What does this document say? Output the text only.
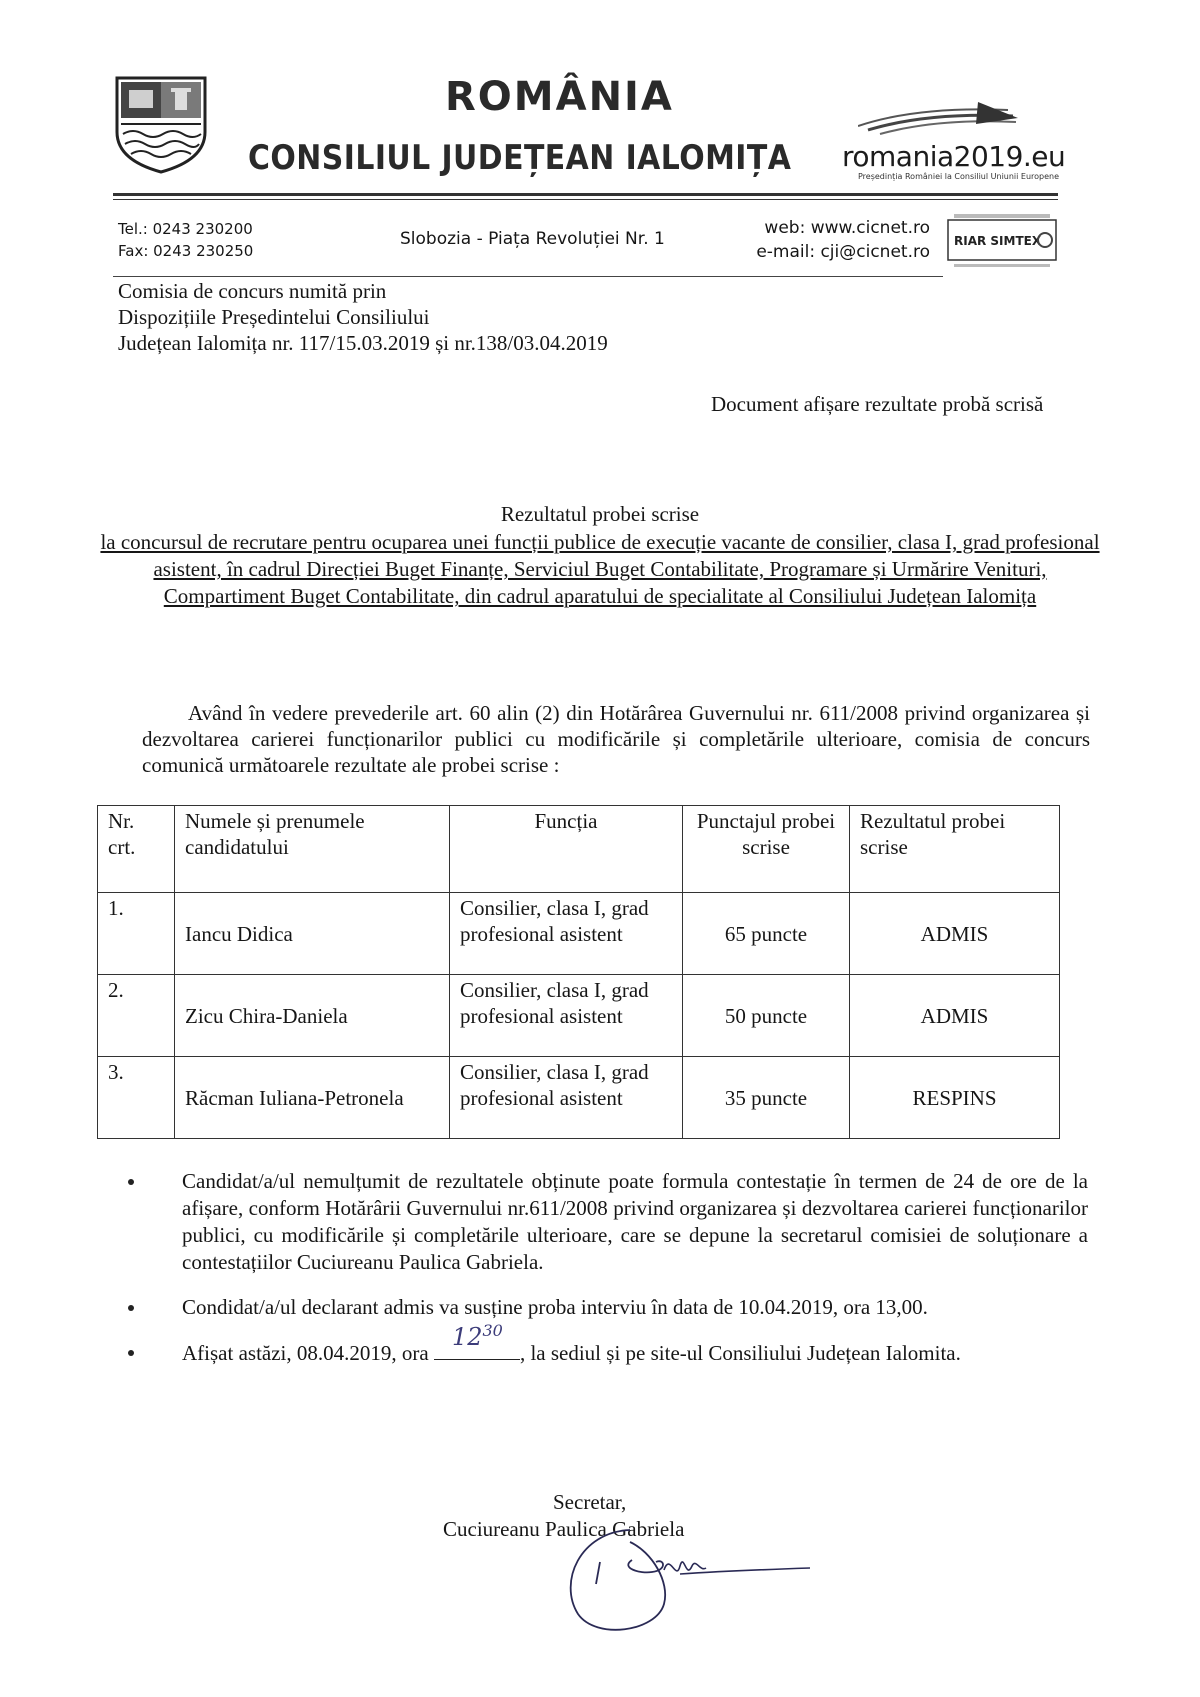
ROMÂNIA
CONSILIUL JUDEȚEAN IALOMIȚA romania2019.eu
Președinția României la Consiliul Uniunii Europene
Tel.: 0243 230200
Fax: 0243 230250
Slobozia - Piața Revoluției Nr. 1
web: www.cicnet.ro
e-mail: cji@cicnet.ro
RIAR SIMTEX
Comisia de concurs numită prin
Dispozițiile Președintelui Consiliului
Județean Ialomița nr. 117/15.03.2019 și nr.138/03.04.2019
Document afișare rezultate probă scrisă
Rezultatul probei scrise
la concursul de recrutare pentru ocuparea unei funcții publice de execuție vacante de consilier, clasa I, grad profesional asistent, în cadrul Direcției Buget Finanțe, Serviciul Buget Contabilitate, Programare și Urmărire Venituri, Compartiment Buget Contabilitate, din cadrul aparatului de specialitate al Consiliului Județean Ialomița
Având în vedere prevederile art. 60 alin (2) din Hotărârea Guvernului nr. 611/2008 privind organizarea și dezvoltarea carierei funcționarilor publici cu modificările și completările ulterioare, comisia de concurs comunică următoarele rezultate ale probei scrise :
Nr. crt.	Numele și prenumele candidatului	Funcția	Punctajul probei scrise	Rezultatul probei scrise
1.	Iancu Didica	Consilier, clasa I, grad profesional asistent	65 puncte	ADMIS
2.	Zicu Chira-Daniela	Consilier, clasa I, grad profesional asistent	50 puncte	ADMIS
3.	Răcman Iuliana-Petronela	Consilier, clasa I, grad profesional asistent	35 puncte	RESPINS
Candidat/a/ul nemulțumit de rezultatele obținute poate formula contestație în termen de 24 de ore de la afișare, conform Hotărârii Guvernului nr.611/2008 privind organizarea și dezvoltarea carierei funcționarilor publici, cu modificările și completările ulterioare, care se depune la secretarul comisiei de soluționare a contestațiilor Cuciureanu Paulica Gabriela.
Condidat/a/ul declarant admis va susține proba interviu în data de 10.04.2019, ora 13,00.
Afișat astăzi, 08.04.2019, ora
$12^{30}$
, la sediul și pe site-ul Consiliului Județean Ialomita.
Secretar,
Cuciureanu Paulica Gabriela
